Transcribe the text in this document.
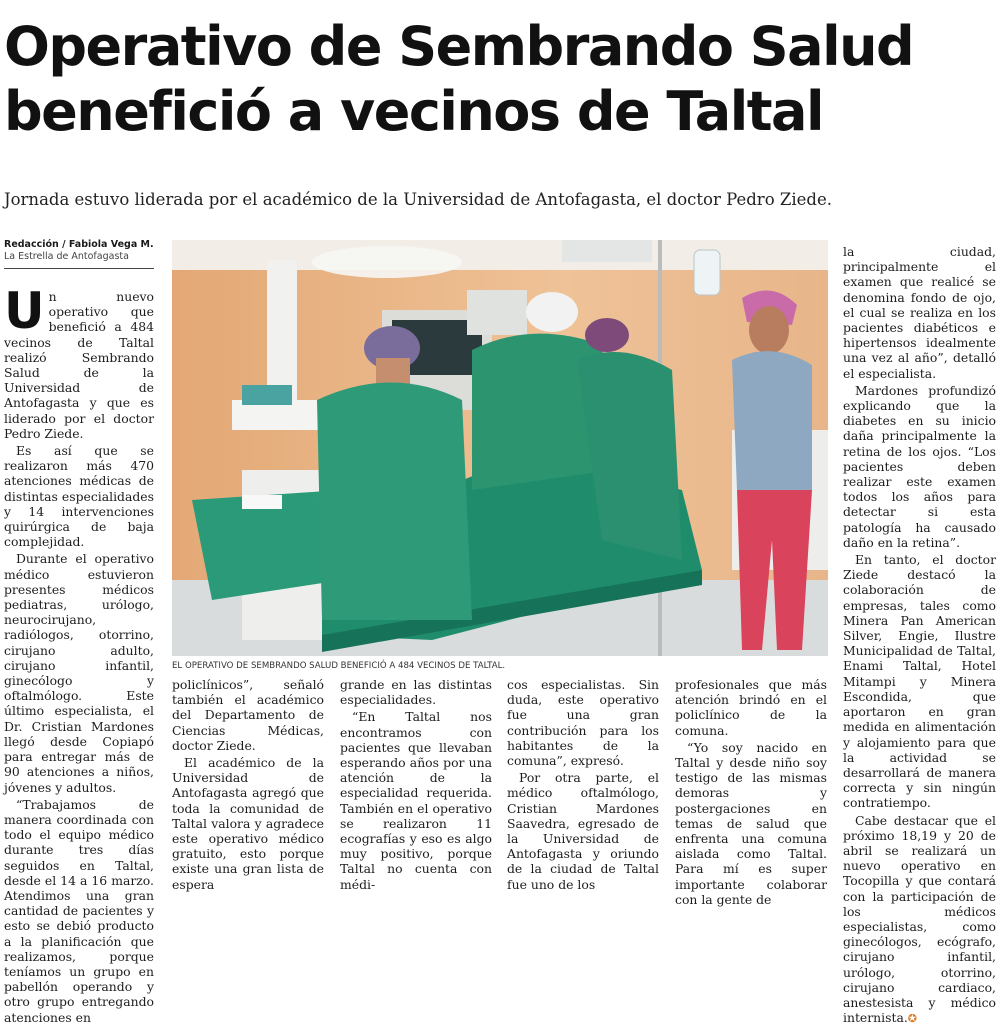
Operativo de Sembrando Salud
benefició a vecinos de Taltal
Jornada estuvo liderada por el académico de la Universidad de Antofagasta, el doctor Pedro Ziede.
Redacción / Fabiola Vega M.
La Estrella de Antofagasta

Un nuevo operativo que benefició a 484 vecinos de Taltal realizó Sembrando Salud de la Universidad de Antofagasta y que es liderado por el doctor Pedro Ziede.

Es así que se realizaron más 470 atenciones médicas de distintas especialidades y 14 intervenciones quirúrgica de baja complejidad.

Durante el operativo médico estuvieron presentes médicos pediatras, urólogo, neurocirujano, radiólogos, otorrino, cirujano adulto, cirujano infantil, ginecólogo y oftalmólogo. Este último especialista, el Dr. Cristian Mardones llegó desde Copiapó para entregar más de 90 atenciones a niños, jóvenes y adultos.

“Trabajamos de manera coordinada con todo el equipo médico durante tres días seguidos en Taltal, desde el 14 a 16 marzo. Atendimos una gran cantidad de pacientes y esto se debió producto a la planificación que realizamos, porque teníamos un grupo en pabellón operando y otro grupo entregando atenciones en

EL OPERATIVO DE SEMBRANDO SALUD BENEFICIÓ A 484 VECINOS DE TALTAL.

policlínicos”, señaló también el académico del Departamento de Ciencias Médicas, doctor Ziede.

El académico de la Universidad de Antofagasta agregó que toda la comunidad de Taltal valora y agradece este operativo médico gratuito, esto porque existe una gran lista de espera

grande en las distintas especialidades.

“En Taltal nos encontramos con pacientes que llevaban esperando años por una atención de la especialidad requerida. También en el operativo se realizaron 11 ecografías y eso es algo muy positivo, porque Taltal no cuenta con médi-

cos especialistas. Sin duda, este operativo fue una gran contribución para los habitantes de la comuna”, expresó.

Por otra parte, el médico oftalmólogo, Cristian Mardones Saavedra, egresado de la Universidad de Antofagasta y oriundo de la ciudad de Taltal fue uno de los

profesionales que más atención brindó en el policlínico de la comuna.

“Yo soy nacido en Taltal y desde niño soy testigo de las mismas demoras y postergaciones en temas de salud que enfrenta una comuna aislada como Taltal. Para mí es super importante colaborar con la gente de

la ciudad, principalmente el examen que realicé se denomina fondo de ojo, el cual se realiza en los pacientes diabéticos e hipertensos idealmente una vez al año”, detalló el especialista.

Mardones profundizó explicando que la diabetes en su inicio daña principalmente la retina de los ojos. “Los pacientes deben realizar este examen todos los años para detectar si esta patología ha causado daño en la retina”.

En tanto, el doctor Ziede destacó la colaboración de empresas, tales como Minera Pan American Silver, Engie, Ilustre Municipalidad de Taltal, Enami Taltal, Hotel Mitampi y Minera Escondida, que aportaron en gran medida en alimentación y alojamiento para que la actividad se desarrollará de manera correcta y sin ningún contratiempo.

Cabe destacar que el próximo 18,19 y 20 de abril se realizará un nuevo operativo en Tocopilla y que contará con la participación de los médicos especialistas, como ginecólogos, ecógrafo, cirujano infantil, urólogo, otorrino, cirujano cardiaco, anestesista y médico internista.✪
